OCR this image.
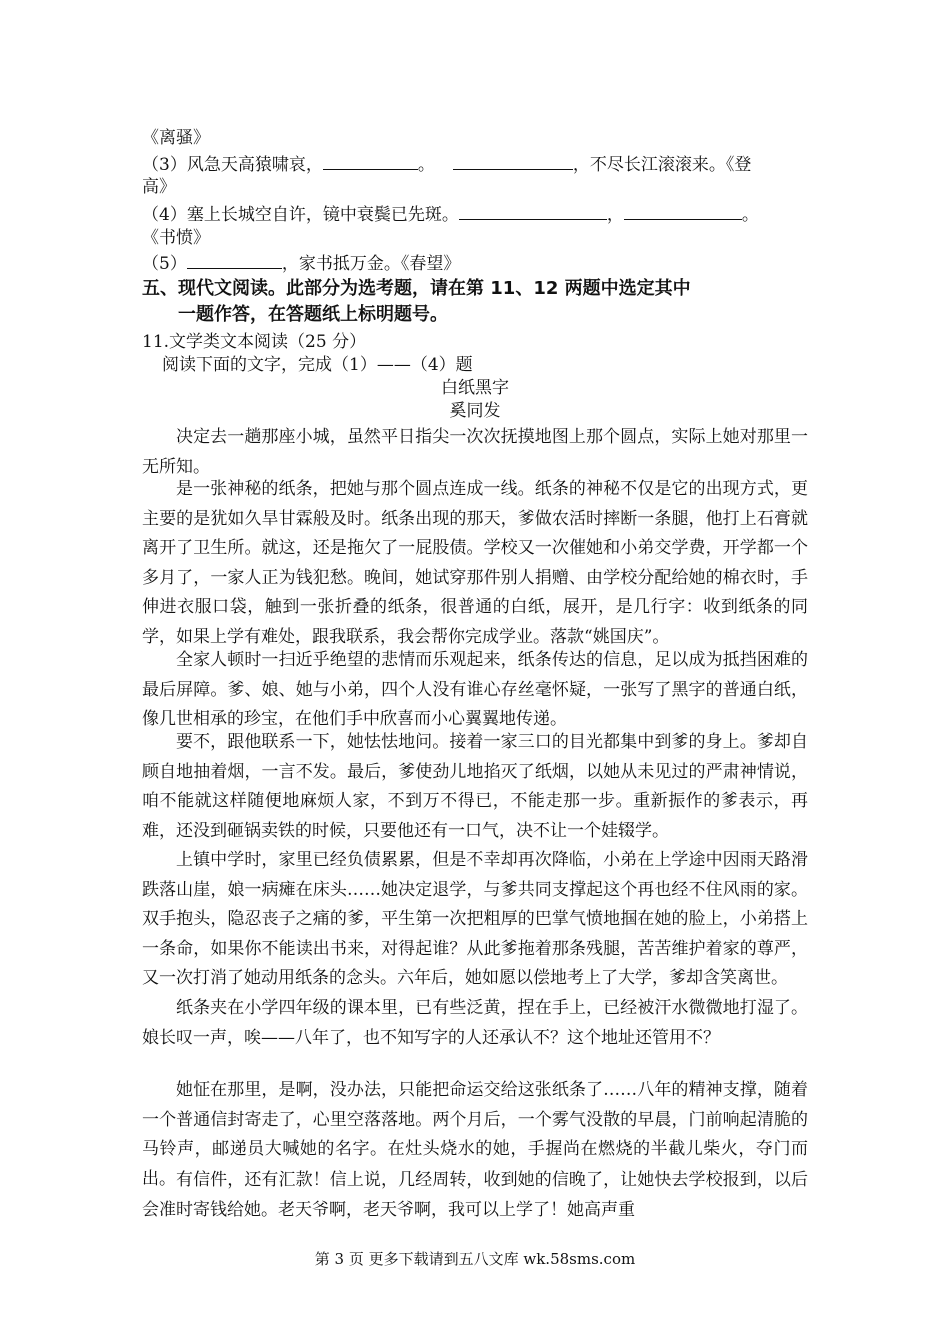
《离骚》
（3）风急天高猿啸哀，	。	，不尽长江滚滚来。《登
高》
（4）塞上长城空自许，镜中衰鬓已先斑。	，	。
《书愤》
（5）	，家书抵万金。《春望》
五、现代文阅读。此部分为选考题，请在第 11、12 两题中选定其中
一题作答，在答题纸上标明题号。
11.文学类文本阅读（25 分）
阅读下面的文字，完成（1）——（4）题
白纸黑字
奚同发
决定去一趟那座小城，虽然平日指尖一次次抚摸地图上那个圆点，实际上她对那里一无所知。
是一张神秘的纸条，把她与那个圆点连成一线。纸条的神秘不仅是它的出现方式，更主要的是犹如久旱甘霖般及时。纸条出现的那天，爹做农活时摔断一条腿，他打上石膏就离开了卫生所。就这，还是拖欠了一屁股债。学校又一次催她和小弟交学费，开学都一个多月了，一家人正为钱犯愁。晚间，她试穿那件别人捐赠、由学校分配给她的棉衣时，手伸进衣服口袋，触到一张折叠的纸条，很普通的白纸，展开，是几行字：收到纸条的同学，如果上学有难处，跟我联系，我会帮你完成学业。落款“姚国庆”。
全家人顿时一扫近乎绝望的悲情而乐观起来，纸条传达的信息，足以成为抵挡困难的最后屏障。爹、娘、她与小弟，四个人没有谁心存丝毫怀疑，一张写了黑字的普通白纸，像几世相承的珍宝，在他们手中欣喜而小心翼翼地传递。
要不，跟他联系一下，她怯怯地问。接着一家三口的目光都集中到爹的身上。爹却自顾自地抽着烟，一言不发。最后，爹使劲儿地掐灭了纸烟，以她从未见过的严肃神情说，咱不能就这样随便地麻烦人家，不到万不得已，不能走那一步。重新振作的爹表示，再难，还没到砸锅卖铁的时候，只要他还有一口气，决不让一个娃辍学。
上镇中学时，家里已经负债累累，但是不幸却再次降临，小弟在上学途中因雨天路滑跌落山崖，娘一病瘫在床头……她决定退学，与爹共同支撑起这个再也经不住风雨的家。双手抱头，隐忍丧子之痛的爹，平生第一次把粗厚的巴掌气愤地掴在她的脸上，小弟搭上一条命，如果你不能读出书来，对得起谁？从此爹拖着那条残腿，苦苦维护着家的尊严，又一次打消了她动用纸条的念头。六年后，她如愿以偿地考上了大学，爹却含笑离世。
纸条夹在小学四年级的课本里，已有些泛黄，捏在手上，已经被汗水微微地打湿了。娘长叹一声，唉——八年了，也不知写字的人还承认不？这个地址还管用不？
她怔在那里，是啊，没办法，只能把命运交给这张纸条了……八年的精神支撑，随着一个普通信封寄走了，心里空落落地。两个月后，一个雾气没散的早晨，门前响起清脆的马铃声，邮递员大喊她的名字。在灶头烧水的她，手握尚在燃烧的半截儿柴火，夺门而出。 有信件，还有汇款！信上说，几经周转，收到她的信晚了，让她快去学校报到，以后会准时寄钱给她。老天爷啊，老天爷啊，我可以上学了！她高声重
第 3 页 更多下载请到五八文库 wk.58sms.com
